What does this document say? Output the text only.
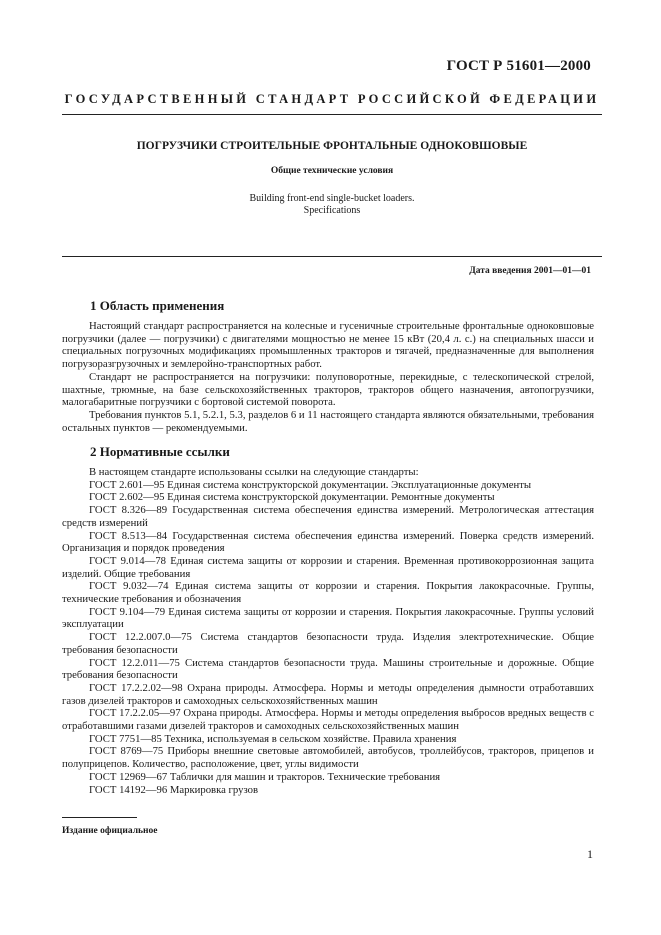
ГОСТ Р 51601—2000
ГОСУДАРСТВЕННЫЙ СТАНДАРТ РОССИЙСКОЙ ФЕДЕРАЦИИ
ПОГРУЗЧИКИ СТРОИТЕЛЬНЫЕ ФРОНТАЛЬНЫЕ ОДНОКОВШОВЫЕ
Общие технические условия
Building front-end single-bucket loaders.
Specifications
Дата введения 2001—01—01
1 Область применения

Настоящий стандарт распространяется на колесные и гусеничные строительные фронтальные одноковшовые погрузчики (далее — погрузчики) с двигателями мощностью не менее 15 кВт (20,4 л. с.) на специальных шасси и специальных погрузочных модификациях промышленных тракторов и тягачей, предназначенные для выполнения погрузоразгрузочных и землеройно-транспортных работ.

Стандарт не распространяется на погрузчики: полуповоротные, перекидные, с телескопической стрелой, шахтные, трюмные, на базе сельскохозяйственных тракторов, тракторов общего назначения, автопогрузчики, малогабаритные погрузчики с бортовой системой поворота.

Требования пунктов 5.1, 5.2.1, 5.3, разделов 6 и 11 настоящего стандарта являются обязательными, требования остальных пунктов — рекомендуемыми.

2 Нормативные ссылки

В настоящем стандарте использованы ссылки на следующие стандарты:

ГОСТ 2.601—95 Единая система конструкторской документации. Эксплуатационные документы

ГОСТ 2.602—95 Единая система конструкторской документации. Ремонтные документы

ГОСТ 8.326—89 Государственная система обеспечения единства измерений. Метрологическая аттестация средств измерений

ГОСТ 8.513—84 Государственная система обеспечения единства измерений. Поверка средств измерений. Организация и порядок проведения

ГОСТ 9.014—78 Единая система защиты от коррозии и старения. Временная противокоррозионная защита изделий. Общие требования

ГОСТ 9.032—74 Единая система защиты от коррозии и старения. Покрытия лакокрасочные. Группы, технические требования и обозначения

ГОСТ 9.104—79 Единая система защиты от коррозии и старения. Покрытия лакокрасочные. Группы условий эксплуатации

ГОСТ 12.2.007.0—75 Система стандартов безопасности труда. Изделия электротехнические. Общие требования безопасности

ГОСТ 12.2.011—75 Система стандартов безопасности труда. Машины строительные и дорожные. Общие требования безопасности

ГОСТ 17.2.2.02—98 Охрана природы. Атмосфера. Нормы и методы определения дымности отработавших газов дизелей тракторов и самоходных сельскохозяйственных машин

ГОСТ 17.2.2.05—97 Охрана природы. Атмосфера. Нормы и методы определения выбросов вредных веществ с отработавшими газами дизелей тракторов и самоходных сельскохозяйственных машин

ГОСТ 7751—85 Техника, используемая в сельском хозяйстве. Правила хранения

ГОСТ 8769—75 Приборы внешние световые автомобилей, автобусов, троллейбусов, тракторов, прицепов и полуприцепов. Количество, расположение, цвет, углы видимости

ГОСТ 12969—67 Таблички для машин и тракторов. Технические требования

ГОСТ 14192—96 Маркировка грузов

Издание официальное
1
